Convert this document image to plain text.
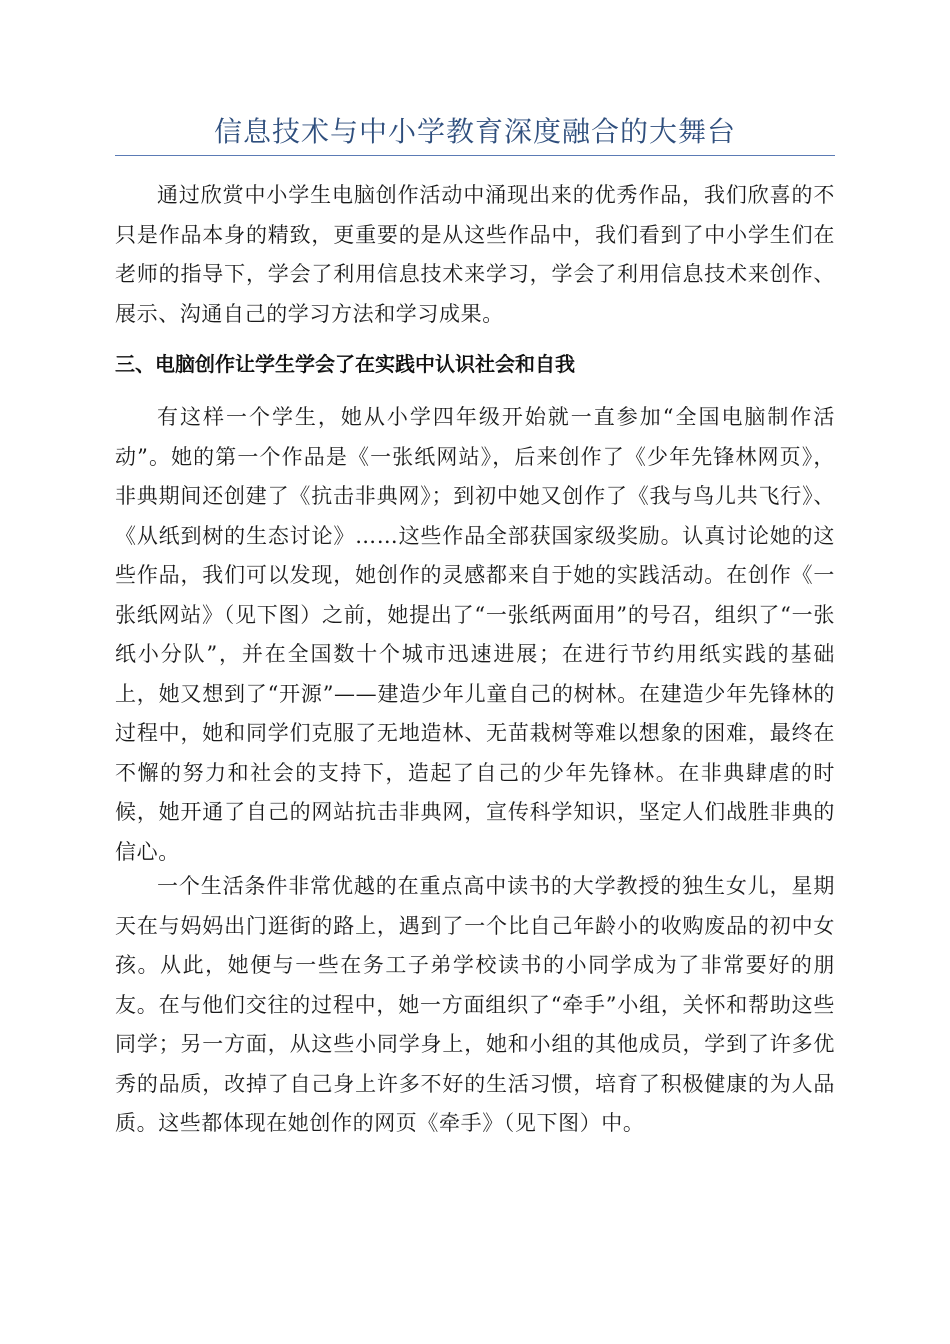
信息技术与中小学教育深度融合的大舞台

通过欣赏中小学生电脑创作活动中涌现出来的优秀作品，我们欣喜的不只是作品本身的精致，更重要的是从这些作品中，我们看到了中小学生们在老师的指导下，学会了利用信息技术来学习，学会了利用信息技术来创作、展示、沟通自己的学习方法和学习成果。

三、电脑创作让学生学会了在实践中认识社会和自我

有这样一个学生，她从小学四年级开始就一直参加“全国电脑制作活动”。她的第一个作品是《一张纸网站》，后来创作了《少年先锋林网页》，非典期间还创建了《抗击非典网》；到初中她又创作了《我与鸟儿共飞行》、《从纸到树的生态讨论》……这些作品全部获国家级奖励。认真讨论她的这些作品，我们可以发现，她创作的灵感都来自于她的实践活动。在创作《一张纸网站》（见下图）之前，她提出了“一张纸两面用”的号召，组织了“一张纸小分队”，并在全国数十个城市迅速进展；在进行节约用纸实践的基础上，她又想到了“开源”——建造少年儿童自己的树林。在建造少年先锋林的过程中，她和同学们克服了无地造林、无苗栽树等难以想象的困难，最终在不懈的努力和社会的支持下，造起了自己的少年先锋林。在非典肆虐的时候，她开通了自己的网站抗击非典网，宣传科学知识，坚定人们战胜非典的信心。

一个生活条件非常优越的在重点高中读书的大学教授的独生女儿，星期天在与妈妈出门逛街的路上，遇到了一个比自己年龄小的收购废品的初中女孩。从此，她便与一些在务工子弟学校读书的小同学成为了非常要好的朋友。在与他们交往的过程中，她一方面组织了“牵手”小组，关怀和帮助这些同学；另一方面，从这些小同学身上，她和小组的其他成员，学到了许多优秀的品质，改掉了自己身上许多不好的生活习惯，培育了积极健康的为人品质。这些都体现在她创作的网页《牵手》（见下图）中。
